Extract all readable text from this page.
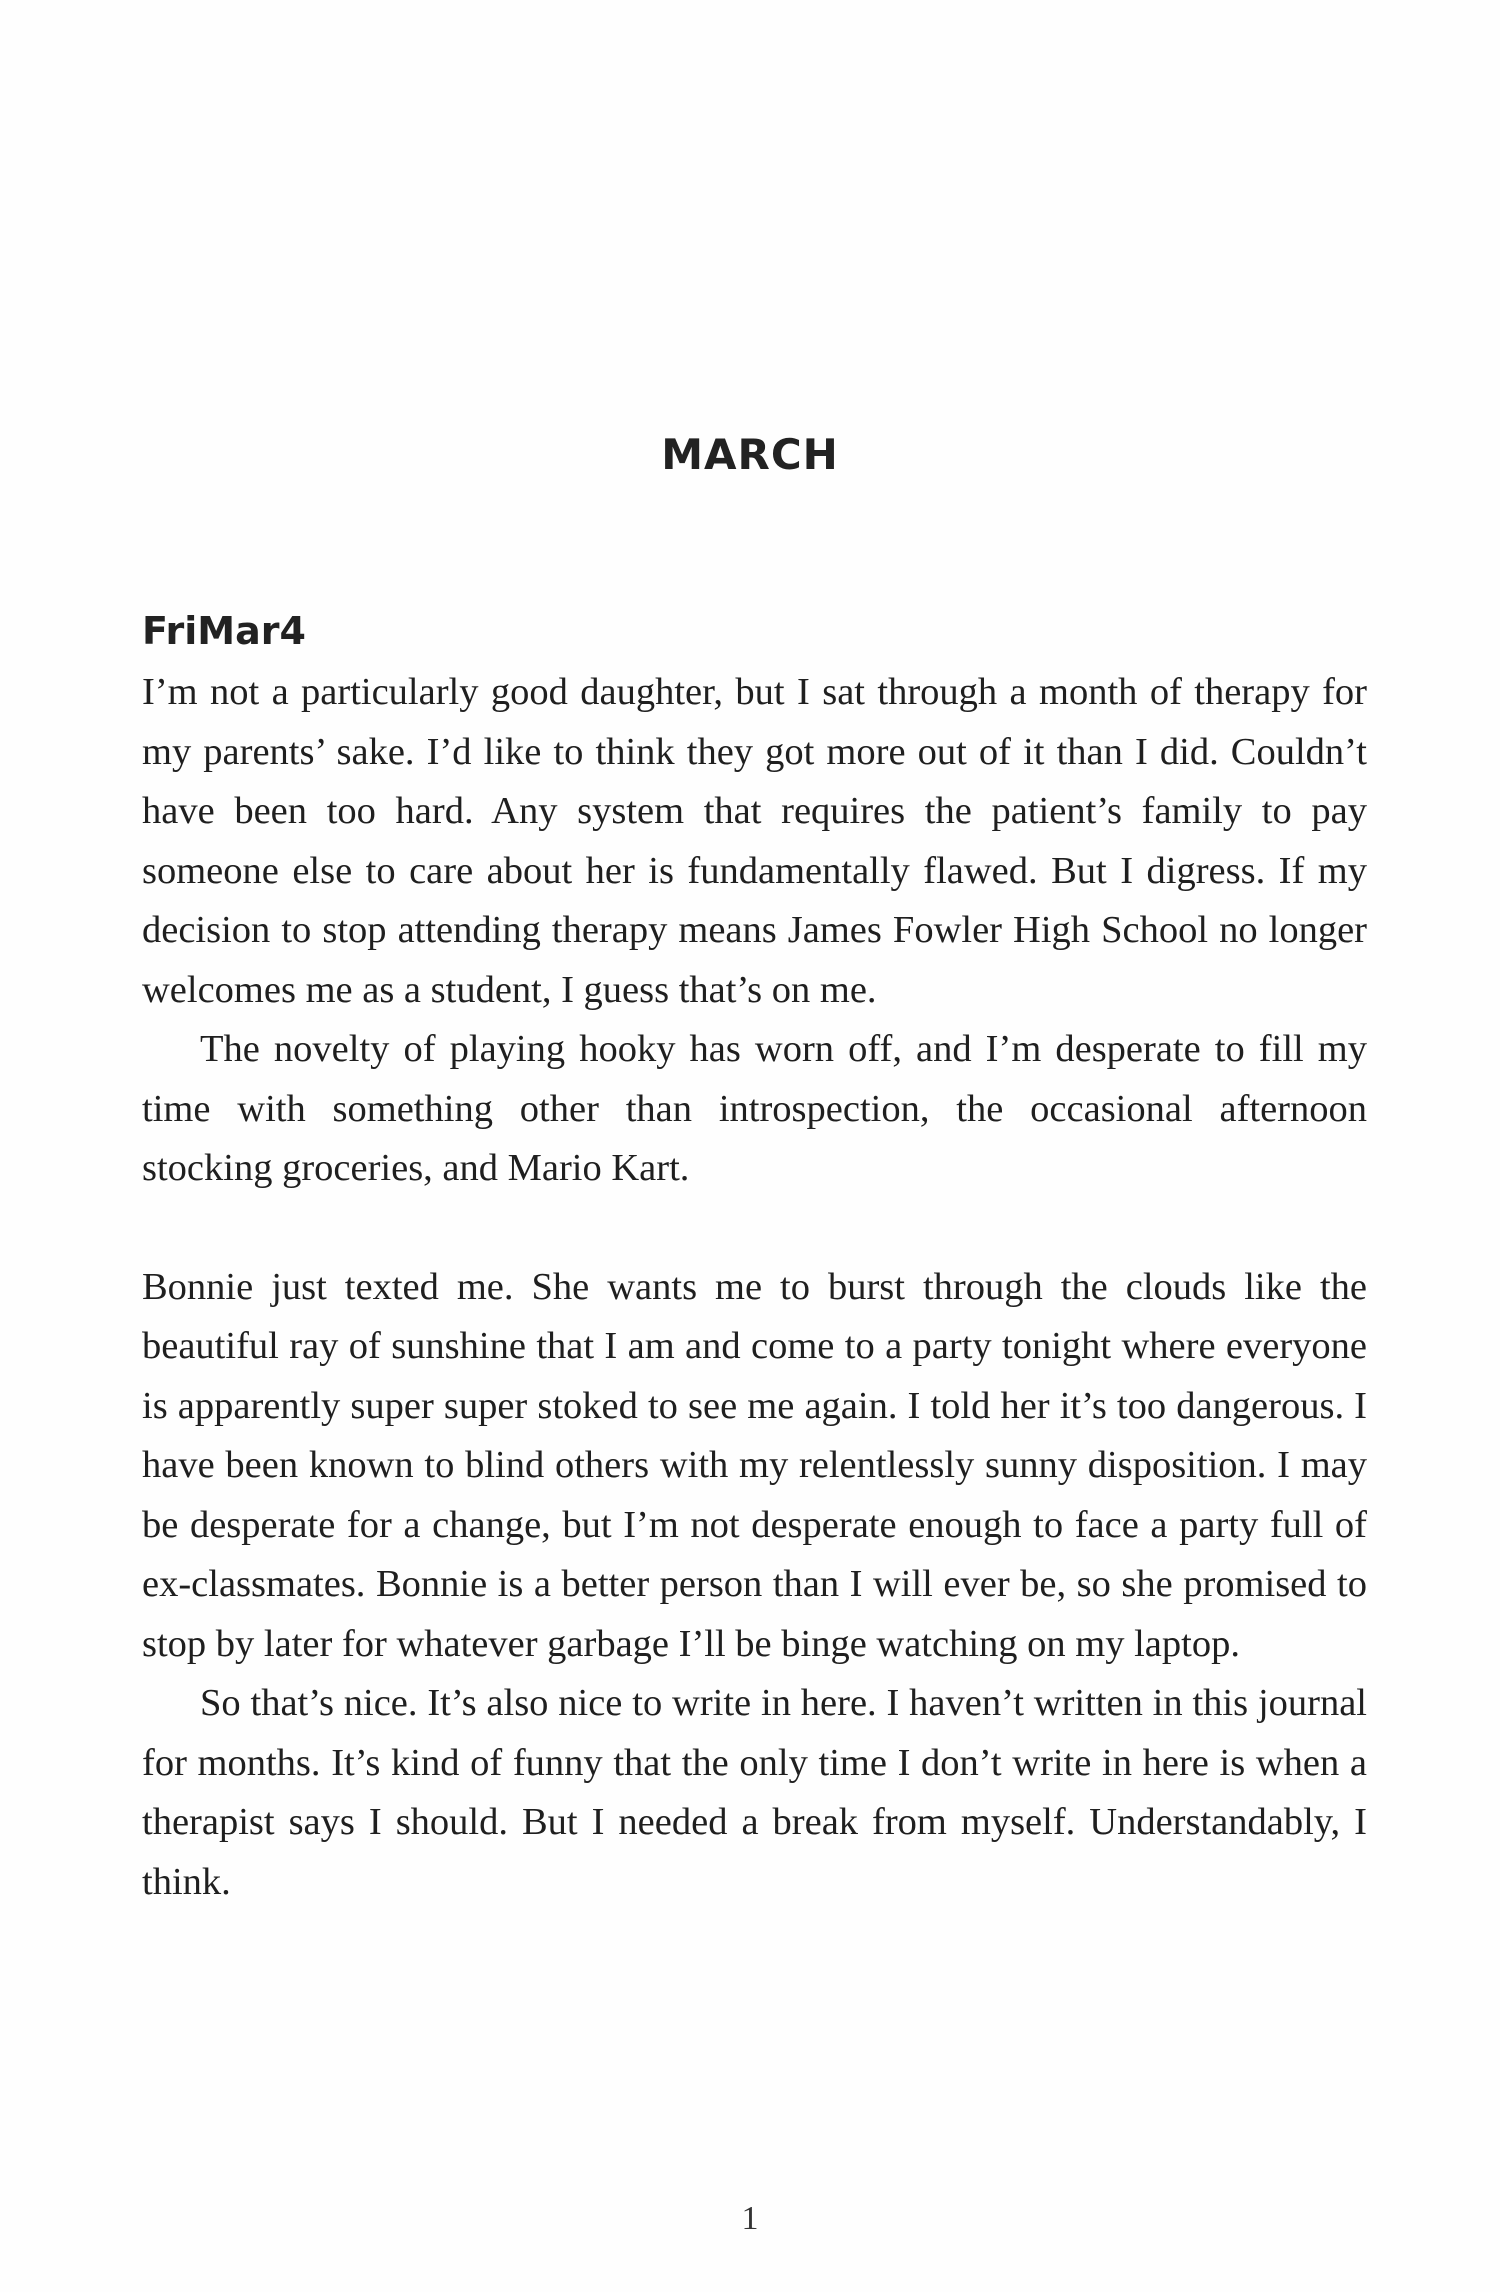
MARCH
FriMar4

I’m not a particularly good daughter, but I sat through a month of therapy for my parents’ sake. I’d like to think they got more out of it than I did. Couldn’t have been too hard. Any system that requires the patient’s family to pay someone else to care about her is fundamentally flawed. But I digress. If my decision to stop attending therapy means James Fowler High School no longer welcomes me as a student, I guess that’s on me.

The novelty of playing hooky has worn off, and I’m desperate to fill my time with something other than introspection, the occasional afternoon stocking groceries, and Mario Kart.

Bonnie just texted me. She wants me to burst through the clouds like the beautiful ray of sunshine that I am and come to a party tonight where everyone is apparently super super stoked to see me again. I told her it’s too dangerous. I have been known to blind others with my relentlessly sunny disposition. I may be desperate for a change, but I’m not desperate enough to face a party full of ex-classmates. Bonnie is a better person than I will ever be, so she promised to stop by later for whatever garbage I’ll be binge watching on my laptop.

So that’s nice. It’s also nice to write in here. I haven’t written in this journal for months. It’s kind of funny that the only time I don’t write in here is when a therapist says I should. But I needed a break from myself. Understandably, I think.

1
